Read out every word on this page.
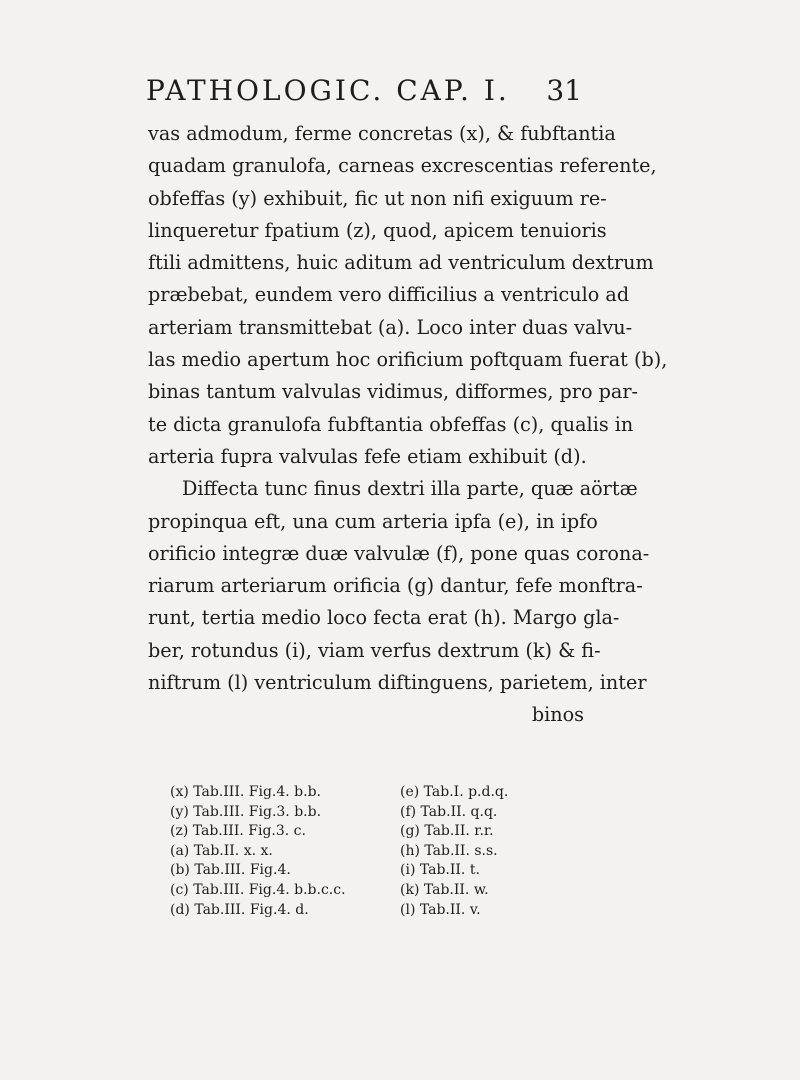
PATHOLOGIC. CAP. I. 31
vas admodum, ferme concretas (x), & fubftantia
quadam granulofa, carneas excrescentias referente,
obfeffas (y) exhibuit, fic ut non nifi exiguum re-
linqueretur fpatium (z), quod, apicem tenuioris
ftili admittens, huic aditum ad ventriculum dextrum
præbebat, eundem vero difficilius a ventriculo ad
arteriam transmittebat (a). Loco inter duas valvu-
las medio apertum hoc orificium poftquam fuerat (b),
binas tantum valvulas vidimus, difformes, pro par-
te dicta granulofa fubftantia obfeffas (c), qualis in
arteria fupra valvulas fefe etiam exhibuit (d).
Diffecta tunc finus dextri illa parte, quæ aörtæ
propinqua eft, una cum arteria ipfa (e), in ipfo
orificio integræ duæ valvulæ (f), pone quas corona-
riarum arteriarum orificia (g) dantur, fefe monftra-
runt, tertia medio loco fecta erat (h). Margo gla-
ber, rotundus (i), viam verfus dextrum (k) & fi-
niftrum (l) ventriculum diftinguens, parietem, inter
binos
(x) Tab.III. Fig.4. b.b.
(y) Tab.III. Fig.3. b.b.
(z) Tab.III. Fig.3. c.
(a) Tab.II. x. x.
(b) Tab.III. Fig.4.
(c) Tab.III. Fig.4. b.b.c.c.
(d) Tab.III. Fig.4. d.
(e) Tab.I. p.d.q.
(f) Tab.II. q.q.
(g) Tab.II. r.r.
(h) Tab.II. s.s.
(i) Tab.II. t.
(k) Tab.II. w.
(l) Tab.II. v.
